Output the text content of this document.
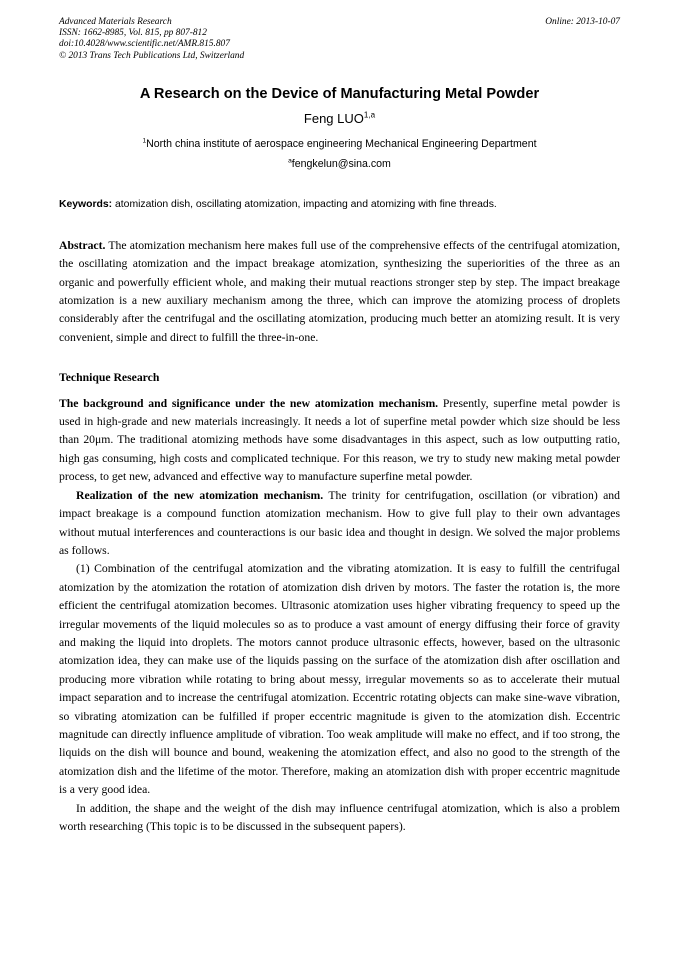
Advanced Materials Research
ISSN: 1662-8985, Vol. 815, pp 807-812
doi:10.4028/www.scientific.net/AMR.815.807
© 2013 Trans Tech Publications Ltd, Switzerland
Online: 2013-10-07
A Research on the Device of Manufacturing Metal Powder
Feng LUO$^{1,a}$
$^1$North china institute of aerospace engineering Mechanical Engineering Department
$^a$fengkelun@sina.com
Keywords: atomization dish, oscillating atomization, impacting and atomizing with fine threads.

Abstract. The atomization mechanism here makes full use of the comprehensive effects of the centrifugal atomization, the oscillating atomization and the impact breakage atomization, synthesizing the superiorities of the three as an organic and powerfully efficient whole, and making their mutual reactions stronger step by step. The impact breakage atomization is a new auxiliary mechanism among the three, which can improve the atomizing process of droplets considerably after the centrifugal and the oscillating atomization, producing much better an atomizing result. It is very convenient, simple and direct to fulfill the three-in-one.

Technique Research

The background and significance under the new atomization mechanism. Presently, superfine metal powder is used in high-grade and new materials increasingly. It needs a lot of superfine metal powder which size should be less than 20μm. The traditional atomizing methods have some disadvantages in this aspect, such as low outputting ratio, high gas consuming, high costs and complicated technique. For this reason, we try to study new making metal powder process, to get new, advanced and effective way to manufacture superfine metal powder.

Realization of the new atomization mechanism. The trinity for centrifugation, oscillation (or vibration) and impact breakage is a compound function atomization mechanism. How to give full play to their own advantages without mutual interferences and counteractions is our basic idea and thought in design. We solved the major problems as follows.

(1) Combination of the centrifugal atomization and the vibrating atomization. It is easy to fulfill the centrifugal atomization by the atomization the rotation of atomization dish driven by motors. The faster the rotation is, the more efficient the centrifugal atomization becomes. Ultrasonic atomization uses higher vibrating frequency to speed up the irregular movements of the liquid molecules so as to produce a vast amount of energy diffusing their force of gravity and making the liquid into droplets. The motors cannot produce ultrasonic effects, however, based on the ultrasonic atomization idea, they can make use of the liquids passing on the surface of the atomization dish after oscillation and producing more vibration while rotating to bring about messy, irregular movements so as to accelerate their mutual impact separation and to increase the centrifugal atomization. Eccentric rotating objects can make sine-wave vibration, so vibrating atomization can be fulfilled if proper eccentric magnitude is given to the atomization dish. Eccentric magnitude can directly influence amplitude of vibration. Too weak amplitude will make no effect, and if too strong, the liquids on the dish will bounce and bound, weakening the atomization effect, and also no good to the strength of the atomization dish and the lifetime of the motor. Therefore, making an atomization dish with proper eccentric magnitude is a very good idea.

In addition, the shape and the weight of the dish may influence centrifugal atomization, which is also a problem worth researching (This topic is to be discussed in the subsequent papers).
